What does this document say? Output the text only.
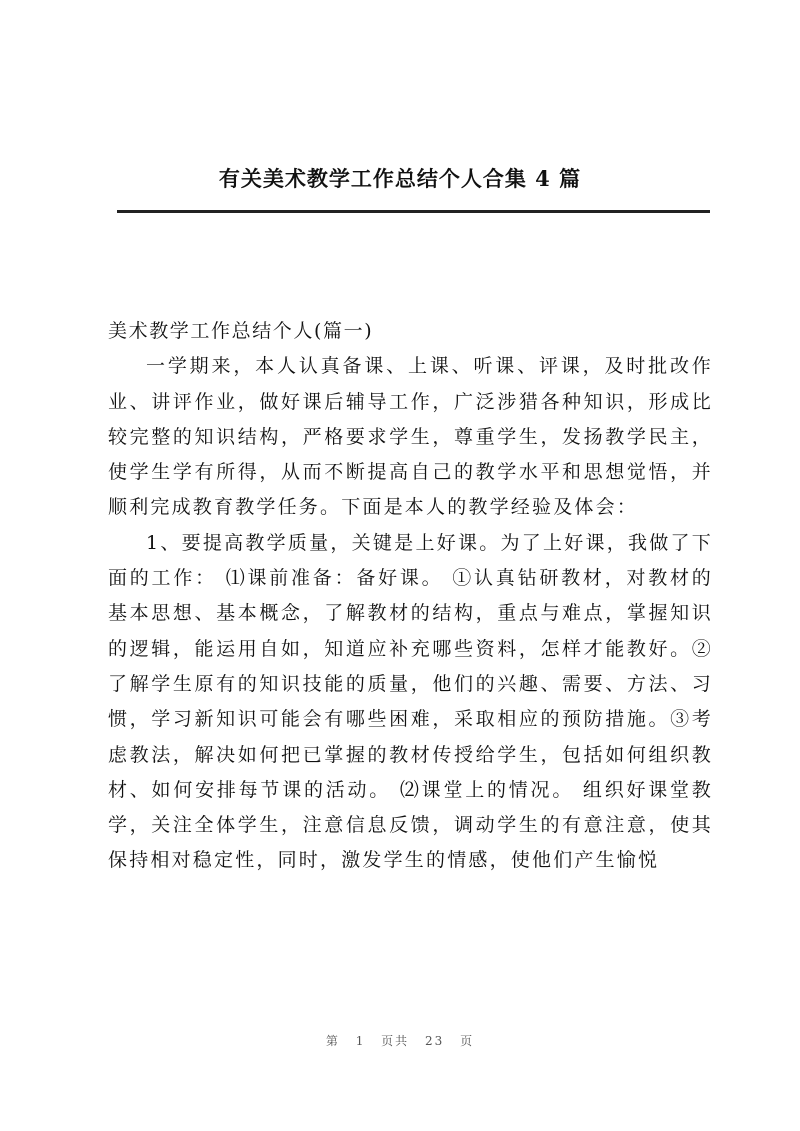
有关美术教学工作总结个人合集 4 篇

美术教学工作总结个人(篇一)

一学期来，本人认真备课、上课、听课、评课，及时批改作业、讲评作业，做好课后辅导工作，广泛涉猎各种知识，形成比较完整的知识结构，严格要求学生，尊重学生，发扬教学民主，使学生学有所得，从而不断提高自己的教学水平和思想觉悟，并顺利完成教育教学任务。下面是本人的教学经验及体会：

1、要提高教学质量，关键是上好课。为了上好课，我做了下面的工作： ⑴课前准备：备好课。 ①认真钻研教材，对教材的基本思想、基本概念，了解教材的结构，重点与难点，掌握知识的逻辑，能运用自如，知道应补充哪些资料，怎样才能教好。②了解学生原有的知识技能的质量，他们的兴趣、需要、方法、习惯，学习新知识可能会有哪些困难，采取相应的预防措施。③考虑教法，解决如何把已掌握的教材传授给学生，包括如何组织教材、如何安排每节课的活动。 ⑵课堂上的情况。 组织好课堂教学，关注全体学生，注意信息反馈，调动学生的有意注意，使其保持相对稳定性，同时，激发学生的情感，使他们产生愉悦

第 1 页共 23 页
